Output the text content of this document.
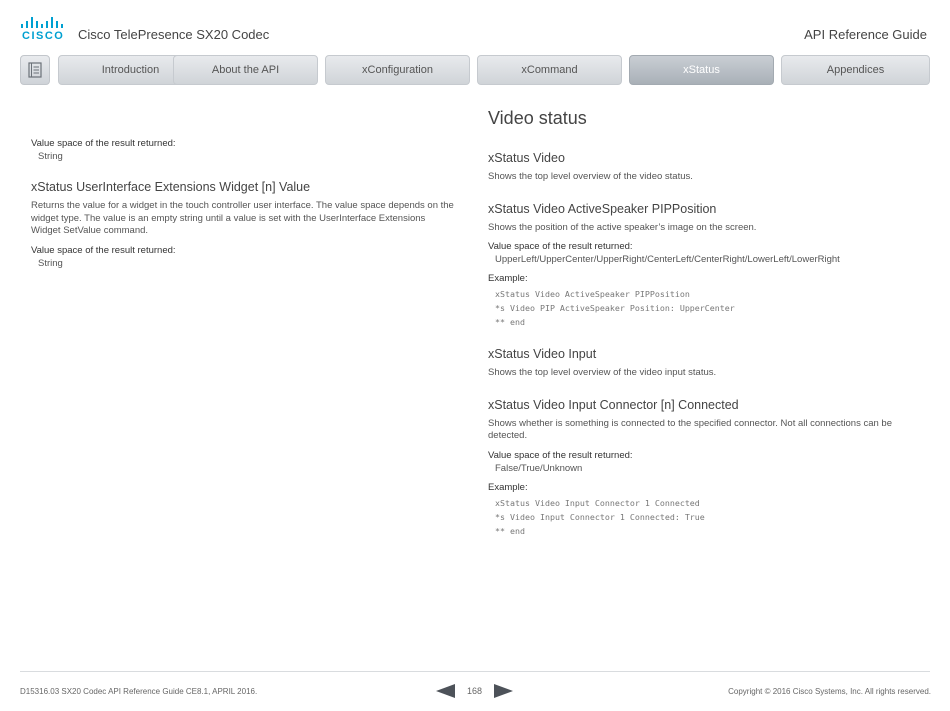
CISCO Cisco TelePresence SX20 Codec	API Reference Guide
Introduction	About the API	xConfiguration	xCommand	xStatus	Appendices
Value space of the result returned:
String
xStatus UserInterface Extensions Widget [n] Value

Returns the value for a widget in the touch controller user interface. The value space depends on the widget type. The value is an empty string until a value is set with the UserInterface Extensions Widget SetValue command.

Value space of the result returned:
String
Video status
xStatus Video

Shows the top level overview of the video status.

xStatus Video ActiveSpeaker PIPPosition

Shows the position of the active speaker’s image on the screen.

Value space of the result returned:
UpperLeft/UpperCenter/UpperRight/CenterLeft/CenterRight/LowerLeft/LowerRight
Example:
xStatus Video ActiveSpeaker PIPPosition
*s Video PIP ActiveSpeaker Position: UpperCenter
** end
xStatus Video Input

Shows the top level overview of the video input status.

xStatus Video Input Connector [n] Connected

Shows whether is something is connected to the specified connector. Not all connections can be detected.

Value space of the result returned:
False/True/Unknown
Example:
xStatus Video Input Connector 1 Connected
*s Video Input Connector 1 Connected: True
** end
D15316.03 SX20 Codec API Reference Guide CE8.1, APRIL 2016.	168	Copyright © 2016 Cisco Systems, Inc. All rights reserved.
